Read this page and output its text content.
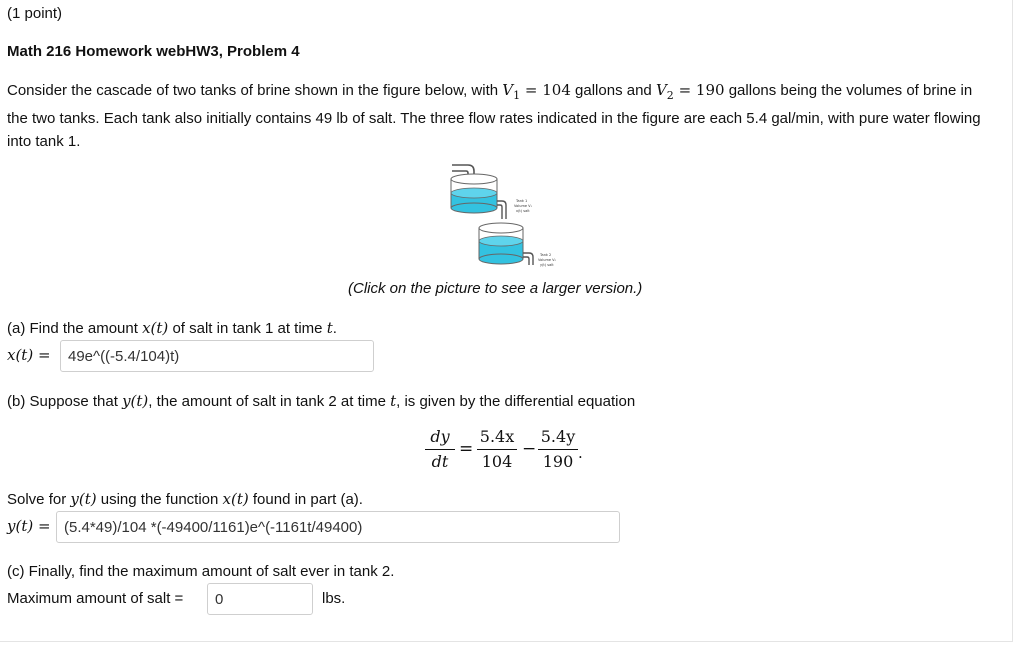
(1 point)
Math 216 Homework webHW3, Problem 4
Consider the cascade of two tanks of brine shown in the figure below, with $V_1 = 104$ gallons and $V_2 = 190$ gallons being the volumes of brine in the two tanks. Each tank also initially contains 49 lb of salt. The three flow rates indicated in the figure are each 5.4 gal/min, with pure water flowing into tank 1.
Tank 1
Volume V₁
x(t) salt
Tank 2
Volume V₂
y(t) salt
(Click on the picture to see a larger version.)
(a) Find the amount x(t) of salt in tank 1 at time t.
x(t) =
49e^((-5.4/104)t)
(b) Suppose that y(t), the amount of salt in tank 2 at time t, is given by the differential equation
dy
dt
=
5.4x
104
−
5.4y
190 .
Solve for y(t) using the function x(t) found in part (a).
y(t) =
(5.4*49)/104 *(-49400/1161)e^(-1161t/49400)
(c) Finally, find the maximum amount of salt ever in tank 2.
Maximum amount of salt =
0	lbs.
